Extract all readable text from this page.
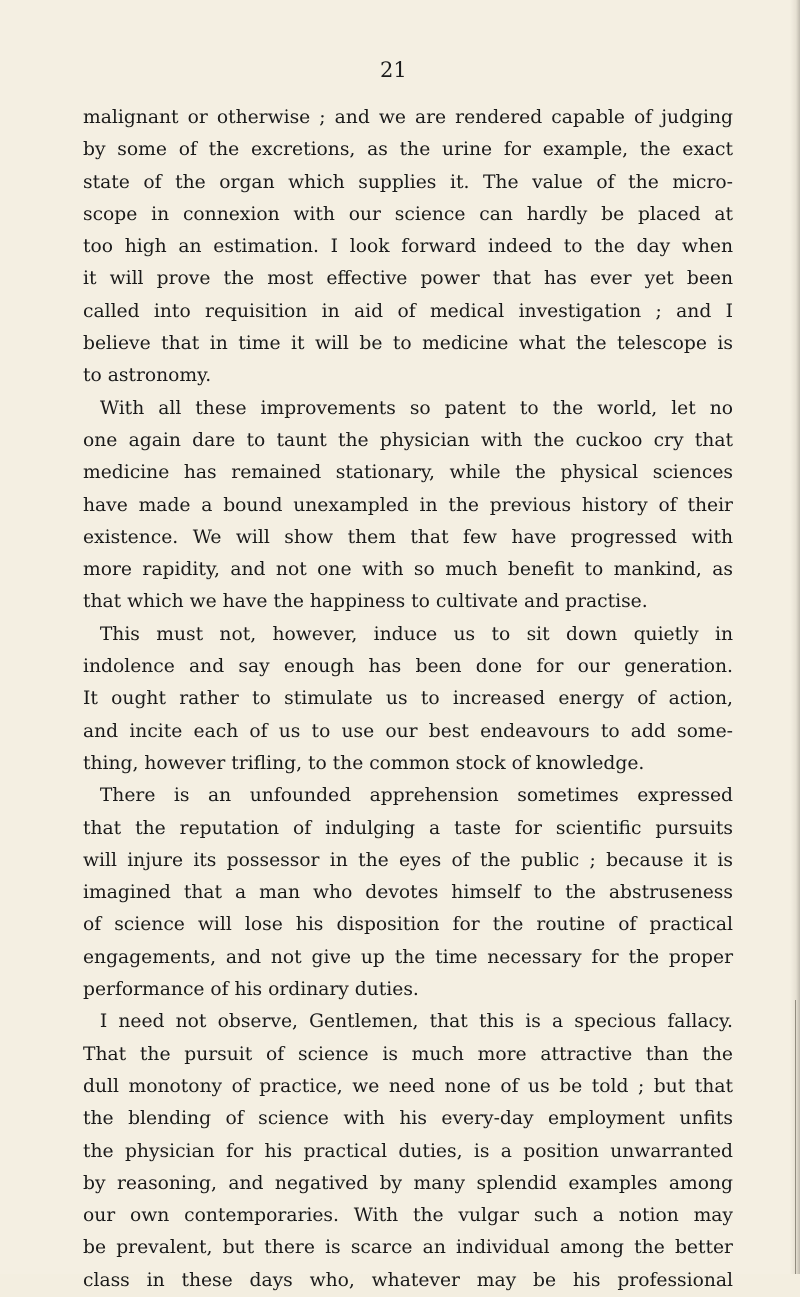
21

malignant or otherwise ; and we are rendered capable of judging

by some of the excretions, as the urine for example, the exact

state of the organ which supplies it. The value of the micro-

scope in connexion with our science can hardly be placed at

too high an estimation. I look forward indeed to the day when

it will prove the most effective power that has ever yet been

called into requisition in aid of medical investigation ; and I

believe that in time it will be to medicine what the telescope is

to astronomy.

With all these improvements so patent to the world, let no

one again dare to taunt the physician with the cuckoo cry that

medicine has remained stationary, while the physical sciences

have made a bound unexampled in the previous history of their

existence. We will show them that few have progressed with

more rapidity, and not one with so much benefit to mankind, as

that which we have the happiness to cultivate and practise.

This must not, however, induce us to sit down quietly in

indolence and say enough has been done for our generation.

It ought rather to stimulate us to increased energy of action,

and incite each of us to use our best endeavours to add some-

thing, however trifling, to the common stock of knowledge.

There is an unfounded apprehension sometimes expressed

that the reputation of indulging a taste for scientific pursuits

will injure its possessor in the eyes of the public ; because it is

imagined that a man who devotes himself to the abstruseness

of science will lose his disposition for the routine of practical

engagements, and not give up the time necessary for the proper

performance of his ordinary duties.

I need not observe, Gentlemen, that this is a specious fallacy.

That the pursuit of science is much more attractive than the

dull monotony of practice, we need none of us be told ; but that

the blending of science with his every-day employment unfits

the physician for his practical duties, is a position unwarranted

by reasoning, and negatived by many splendid examples among

our own contemporaries. With the vulgar such a notion may

be prevalent, but there is scarce an individual among the better

class in these days who, whatever may be his professional
